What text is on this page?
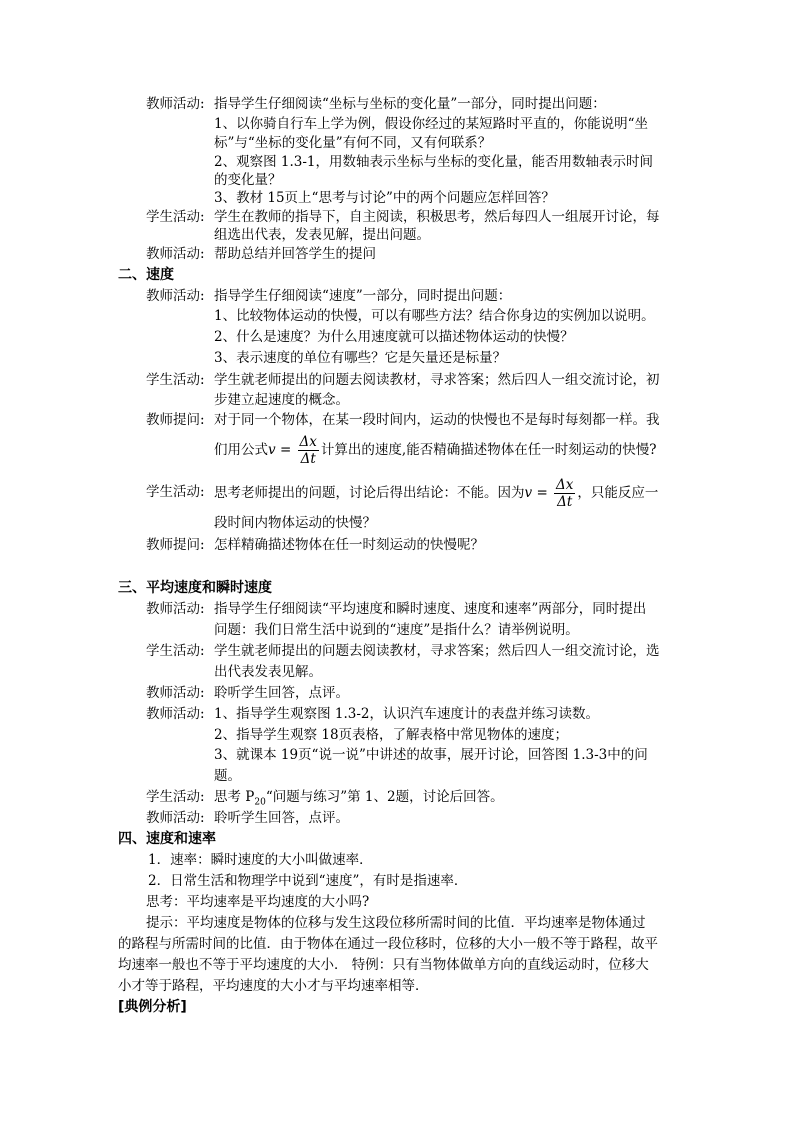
教师活动: 指导学生仔细阅读“坐标与坐标的变化量”一部分，同时提出问题：
1、以你骑自行车上学为例，假设你经过的某短路时平直的，你能说明“坐
标”与“坐标的变化量”有何不同，又有何联系？
2、观察图 1.3-1，用数轴表示坐标与坐标的变化量，能否用数轴表示时间
的变化量？
3、教材 15页上“思考与讨论”中的两个问题应怎样回答？
学生活动: 学生在教师的指导下，自主阅读，积极思考，然后每四人一组展开讨论，每
组选出代表，发表见解，提出问题。
教师活动: 帮助总结并回答学生的提问
二、速度
教师活动: 指导学生仔细阅读“速度”一部分，同时提出问题：
1、比较物体运动的快慢，可以有哪些方法？结合你身边的实例加以说明。
2、什么是速度？为什么用速度就可以描述物体运动的快慢？
3、表示速度的单位有哪些？它是矢量还是标量？
学生活动: 学生就老师提出的问题去阅读教材，寻求答案；然后四人一组交流讨论，初
步建立起速度的概念。
教师提问: 对于同一个物体，在某一段时间内，运动的快慢也不是每时每刻都一样。我
们用公式$v = \frac{\Delta x}{\Delta t}$ 计算出的速度,能否精确描述物体在任一时刻运动的快慢?
学生活动: 思考老师提出的问题，讨论后得出结论：不能。因为$v = \frac{\Delta x}{\Delta t}$ ，只能反应一
段时间内物体运动的快慢？
教师提问: 怎样精确描述物体在任一时刻运动的快慢呢？
三、平均速度和瞬时速度
教师活动: 指导学生仔细阅读“平均速度和瞬时速度、速度和速率”两部分，同时提出
问题：我们日常生活中说到的“速度”是指什么？请举例说明。
学生活动: 学生就老师提出的问题去阅读教材，寻求答案；然后四人一组交流讨论，选
出代表发表见解。
教师活动: 聆听学生回答，点评。
教师活动: 1、指导学生观察图 1.3-2，认识汽车速度计的表盘并练习读数。
2、指导学生观察 18页表格，了解表格中常见物体的速度；
3、就课本 19页“说一说”中讲述的故事，展开讨论，回答图 1.3-3中的问
题。
学生活动: 思考 $P_{20}“$问题与练习”第 1、2题，讨论后回答。
教师活动: 聆听学生回答，点评。
四、速度和速率
1．速率：瞬时速度的大小叫做速率．
2．日常生活和物理学中说到“速度”，有时是指速率．
思考：平均速率是平均速度的大小吗?
提示：平均速度是物体的位移与发生这段位移所需时间的比值．平均速率是物体通过
的路程与所需时间的比值．由于物体在通过一段位移时，位移的大小一般不等于路程，故平
均速率一般也不等于平均速度的大小． 特例：只有当物体做单方向的直线运动时，位移大
小才等于路程，平均速度的大小才与平均速率相等．
[典例分析]
